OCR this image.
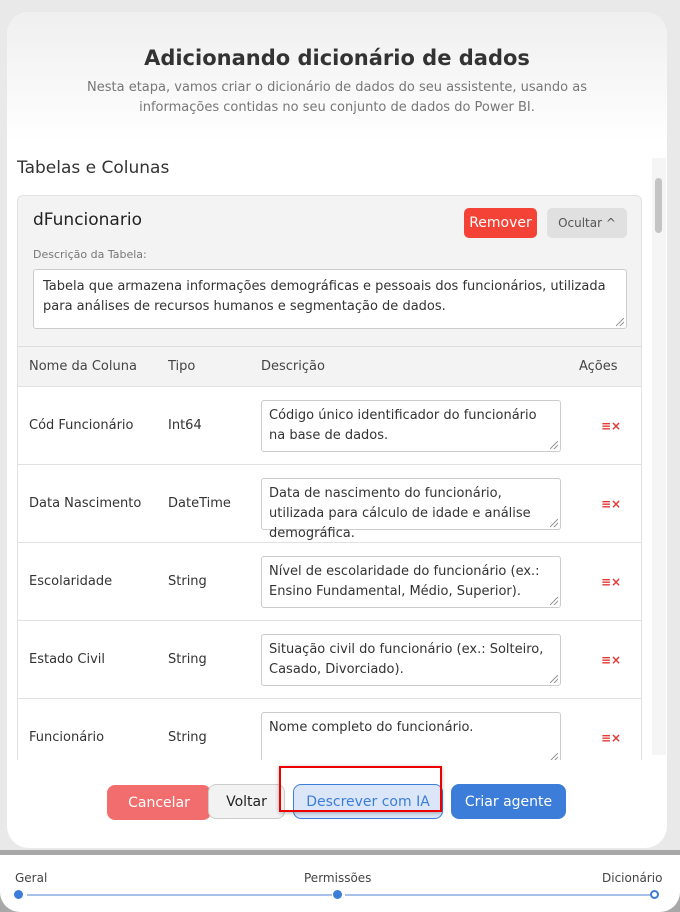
Adicionando dicionário de dados

Nesta etapa, vamos criar o dicionário de dados do seu assistente, usando as informações contidas no seu conjunto de dados do Power BI.

Tabelas e Colunas
dFuncionario	Remover	Ocultar ^
Descrição da Tabela:
Tabela que armazena informações demográficas e pessoais dos funcionários, utilizada para análises de recursos humanos e segmentação de dados.
Nome da Coluna	Tipo	Descrição	Ações
Cód Funcionário	Int64	Código único identificador do funcionário na base de dados.	≡×
Data Nascimento	DateTime	Data de nascimento do funcionário, utilizada para cálculo de idade e análise demográfica.	≡×
Escolaridade	String	Nível de escolaridade do funcionário (ex.: Ensino Fundamental, Médio, Superior).	≡×
Estado Civil	String	Situação civil do funcionário (ex.: Solteiro, Casado, Divorciado).	≡×
Funcionário	String	Nome completo do funcionário.	≡×
Cancelar	Voltar	Descrever com IA	Criar agente
Geral	Permissões	Dicionário
